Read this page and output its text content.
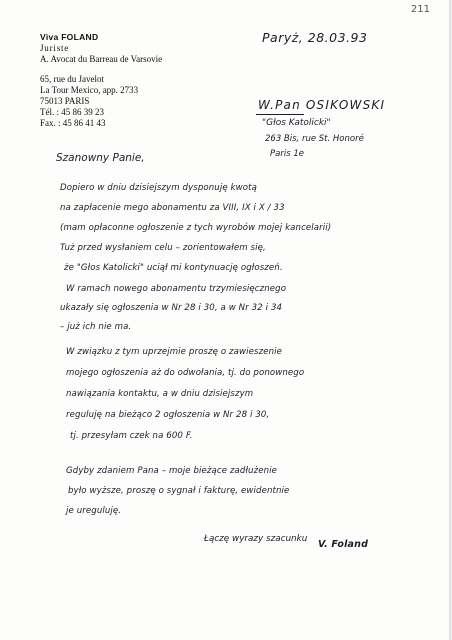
211
Viva FOLAND
Juriste
A. Avocat du Barreau de Varsovie
65, rue du Javelot
La Tour Mexico, app. 2733
75013 PARIS
Tél. : 45 86 39 23
Fax. : 45 86 41 43
Paryż, 28.03.93
W.Pan OSIKOWSKI
"Głos Katolicki"
263 Bis, rue St. Honoré
Paris 1e
Szanowny Panie,
Dopiero w dniu dzisiejszym dysponuję kwotą
na zapłacenie mego abonamentu za VIII, IX i X / 33
(mam opłaconne ogłoszenie z tych wyrobów mojej kancelarii)
Tuż przed wysłaniem celu – zorientowałem się,
że "Głos Katolicki" uciął mi kontynuację ogłoszeń.
W ramach nowego abonamentu trzymiesięcznego
ukazały się ogłoszenia w Nr 28 i 30, a w Nr 32 i 34
– już ich nie ma.
W związku z tym uprzejmie proszę o zawieszenie
mojego ogłoszenia aż do odwołania, tj. do ponownego
nawiązania kontaktu, a w dniu dzisiejszym
reguluję na bieżąco 2 ogłoszenia w Nr 28 i 30,
tj. przesyłam czek na 600 F.
Gdyby zdaniem Pana – moje bieżące zadłużenie
było wyższe, proszę o sygnał i fakturę, ewidentnie
je ureguluję.
Łączę wyrazy szacunku V. Foland
